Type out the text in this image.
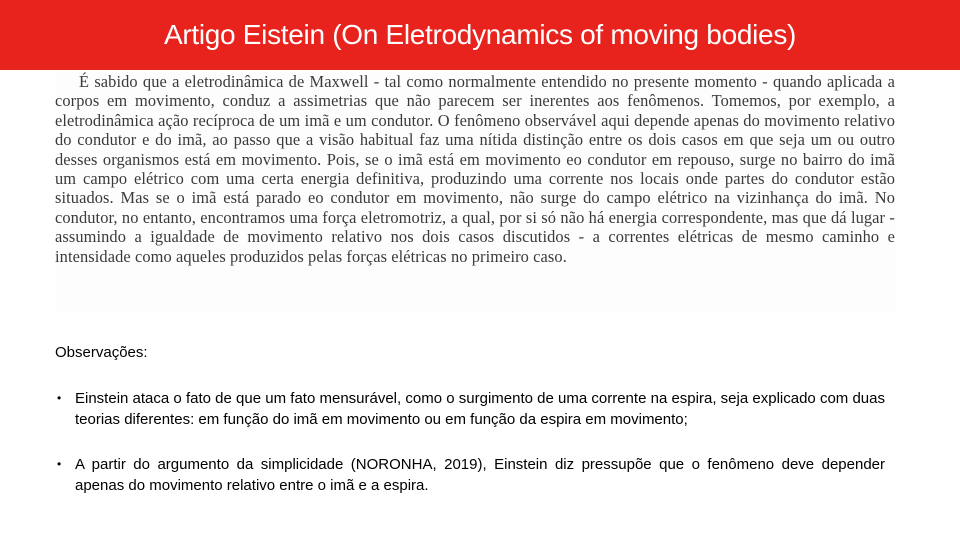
Artigo Eistein (On Eletrodynamics of moving bodies)

É sabido que a eletrodinâmica de Maxwell - tal como normalmente entendido no presente momento - quando aplicada a corpos em movimento, conduz a assimetrias que não parecem ser inerentes aos fenômenos. Tomemos, por exemplo, a eletrodinâmica ação recíproca de um imã e um condutor. O fenômeno observável aqui depende apenas do movimento relativo do condutor e do imã, ao passo que a visão habitual faz uma nítida distinção entre os dois casos em que seja um ou outro desses organismos está em movimento. Pois, se o imã está em movimento eo condutor em repouso, surge no bairro do imã um campo elétrico com uma certa energia definitiva, produzindo uma corrente nos locais onde partes do condutor estão situados. Mas se o imã está parado eo condutor em movimento, não surge do campo elétrico na vizinhança do imã. No condutor, no entanto, encontramos uma força eletromotriz, a qual, por si só não há energia correspondente, mas que dá lugar - assumindo a igualdade de movimento relativo nos dois casos discutidos - a correntes elétricas de mesmo caminho e intensidade como aqueles produzidos pelas forças elétricas no primeiro caso.

Observações:

• Einstein ataca o fato de que um fato mensurável, como o surgimento de uma corrente na espira, seja explicado com duas teorias diferentes: em função do imã em movimento ou em função da espira em movimento;
• A partir do argumento da simplicidade (NORONHA, 2019), Einstein diz pressupõe que o fenômeno deve depender apenas do movimento relativo entre o imã e a espira.
